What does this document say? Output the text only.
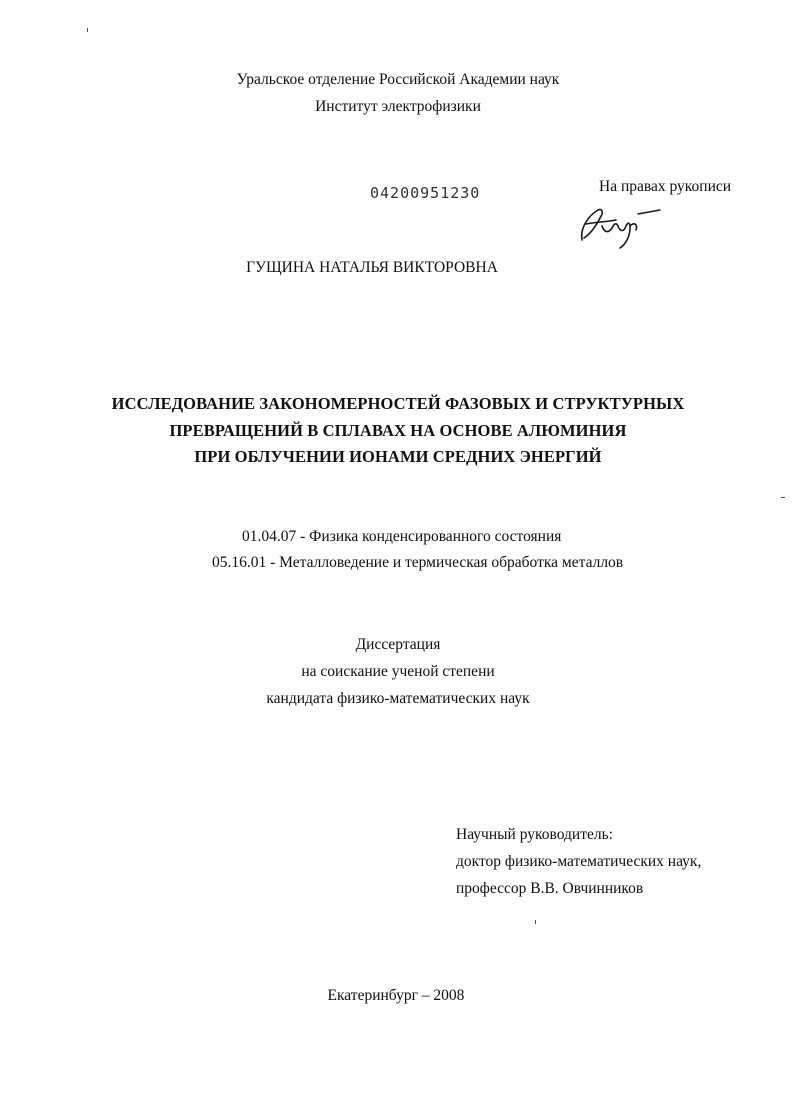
Уральское отделение Российской Академии наук
Институт электрофизики
04200951230	На правах рукописи
ГУЩИНА НАТАЛЬЯ ВИКТОРОВНА
ИССЛЕДОВАНИЕ ЗАКОНОМЕРНОСТЕЙ ФАЗОВЫХ И СТРУКТУРНЫХ
ПРЕВРАЩЕНИЙ В СПЛАВАХ НА ОСНОВЕ АЛЮМИНИЯ
ПРИ ОБЛУЧЕНИИ ИОНАМИ СРЕДНИХ ЭНЕРГИЙ
01.04.07 - Физика конденсированного состояния
05.16.01 - Металловедение и термическая обработка металлов
Диссертация
на соискание ученой степени
кандидата физико-математических наук
Научный руководитель:
доктор физико-математических наук,
профессор В.В. Овчинников
Екатеринбург – 2008
